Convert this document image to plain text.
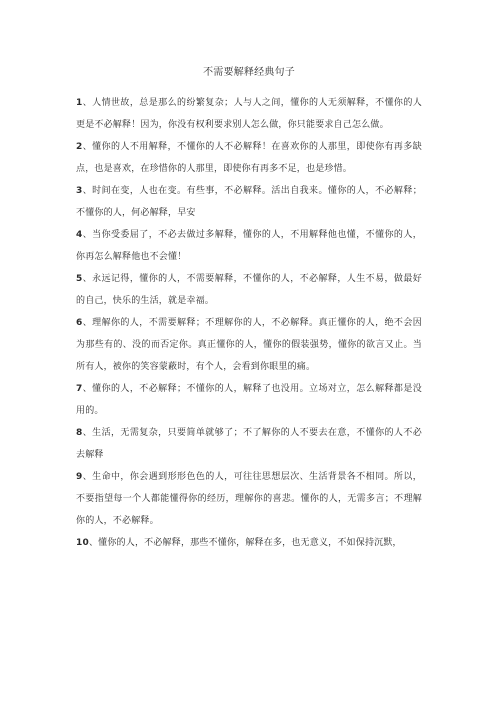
不需要解释经典句子

1、人情世故，总是那么的纷繁复杂；人与人之间，懂你的人无须解释，不懂你的人更是不必解释！因为，你没有权利要求别人怎么做，你只能要求自己怎么做。

2、懂你的人不用解释，不懂你的人不必解释！在喜欢你的人那里，即使你有再多缺点，也是喜欢，在珍惜你的人那里，即使你有再多不足，也是珍惜。

3、时间在变，人也在变。有些事，不必解释。活出自我来。懂你的人，不必解释；不懂你的人，何必解释，早安

4、当你受委屈了，不必去做过多解释，懂你的人，不用解释他也懂，不懂你的人，你再怎么解释他也不会懂！

5、永远记得，懂你的人，不需要解释，不懂你的人，不必解释，人生不易，做最好的自己，快乐的生活，就是幸福。

6、理解你的人，不需要解释；不理解你的人，不必解释。真正懂你的人，绝不会因为那些有的、没的而否定你。真正懂你的人，懂你的假装强势，懂你的欲言又止。当所有人，被你的笑容蒙蔽时，有个人，会看到你眼里的痛。

7、懂你的人，不必解释；不懂你的人，解释了也没用。立场对立，怎么解释都是没用的。

8、生活，无需复杂，只要简单就够了；不了解你的人不要去在意，不懂你的人不必去解释

9、生命中，你会遇到形形色色的人，可往往思想层次、生活背景各不相同。所以，不要指望每一个人都能懂得你的经历，理解你的喜悲。懂你的人，无需多言；不理解你的人，不必解释。

10、懂你的人，不必解释，那些不懂你，解释在多，也无意义，不如保持沉默，
